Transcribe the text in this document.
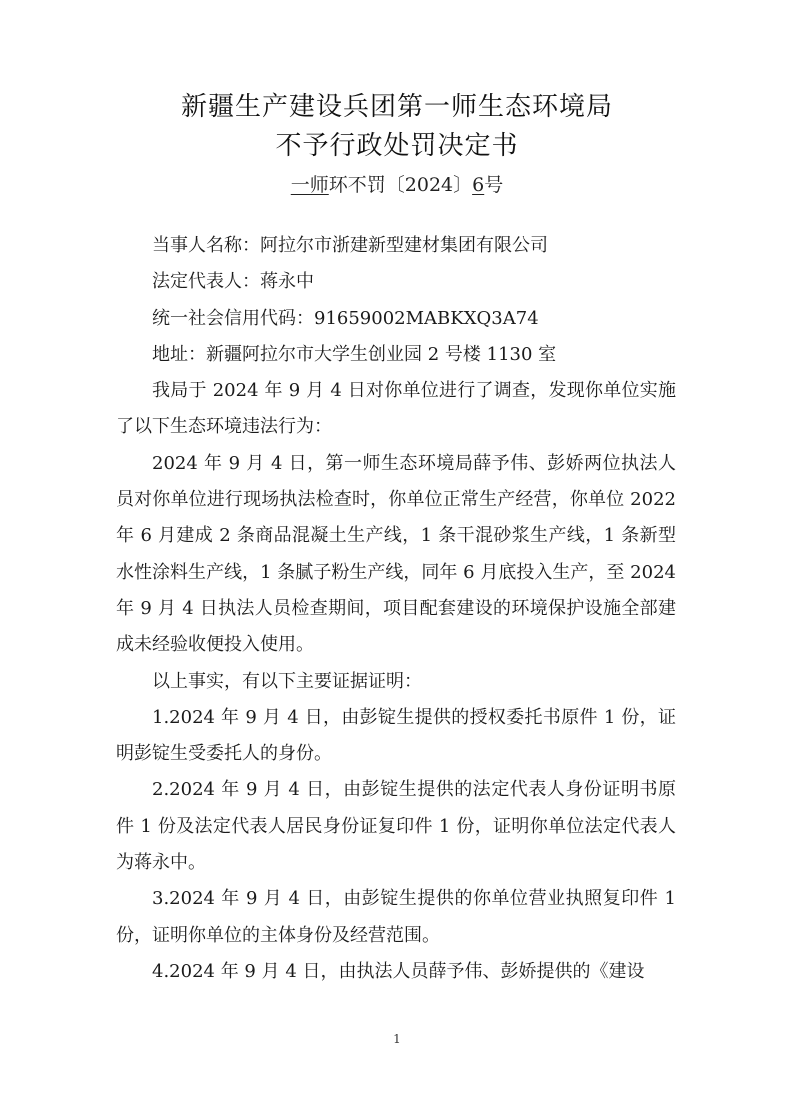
新疆生产建设兵团第一师生态环境局
不予行政处罚决定书
一师环不罚〔2024〕6号

当事人名称：阿拉尔市浙建新型建材集团有限公司

法定代表人：蒋永中

统一社会信用代码：91659002MABKXQ3A74

地址：新疆阿拉尔市大学生创业园 2 号楼 1130 室

我局于 2024 年 9 月 4 日对你单位进行了调查，发现你单位实施了以下生态环境违法行为：

2024 年 9 月 4 日，第一师生态环境局薛予伟、彭娇两位执法人员对你单位进行现场执法检查时，你单位正常生产经营，你单位 2022 年 6 月建成 2 条商品混凝土生产线，1 条干混砂浆生产线，1 条新型水性涂料生产线，1 条腻子粉生产线，同年 6 月底投入生产，至 2024 年 9 月 4 日执法人员检查期间，项目配套建设的环境保护设施全部建成未经验收便投入使用。

以上事实，有以下主要证据证明：

1.2024 年 9 月 4 日，由彭锭生提供的授权委托书原件 1 份，证明彭锭生受委托人的身份。

2.2024 年 9 月 4 日，由彭锭生提供的法定代表人身份证明书原件 1 份及法定代表人居民身份证复印件 1 份，证明你单位法定代表人为蒋永中。

3.2024 年 9 月 4 日，由彭锭生提供的你单位营业执照复印件 1 份，证明你单位的主体身份及经营范围。

4.2024 年 9 月 4 日，由执法人员薛予伟、彭娇提供的《建设

1
